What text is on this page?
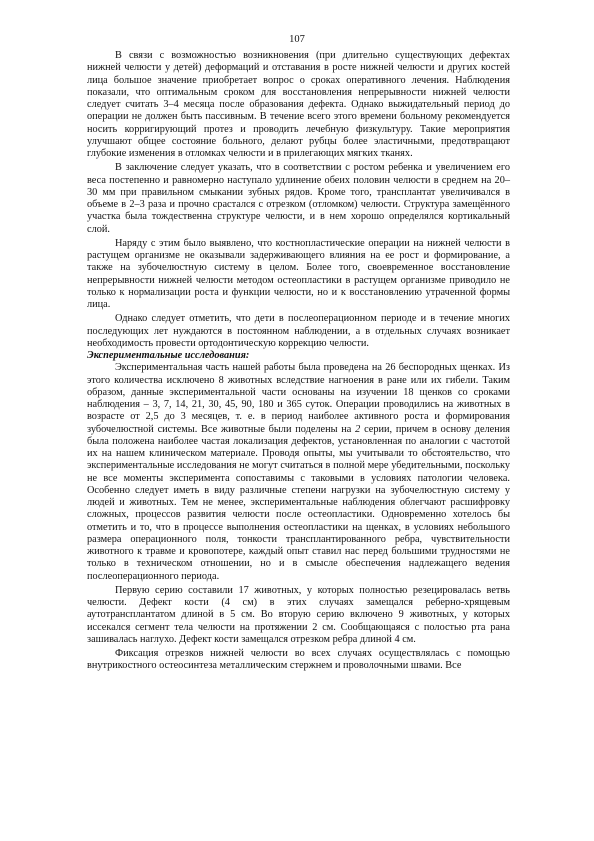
107

В связи с возможностью возникновения (при длительно существующих дефектах нижней челюсти у детей) деформаций и отставания в росте нижней челюсти и других костей лица большое значение приобретает вопрос о сроках оперативного лечения. Наблюдения показали, что оптимальным сроком для восстановления непрерывности нижней челюсти следует считать 3–4 месяца после образования дефекта. Однако выжидательный период до операции не должен быть пассивным. В течение всего этого времени больному рекомендуется носить корригирующий протез и проводить лечебную физкультуру. Такие мероприятия улучшают общее состояние больного, делают рубцы более эластичными, предотвращают глубокие изменения в отломках челюсти и в прилегающих мягких тканях.

В заключение следует указать, что в соответствии с ростом ребенка и увеличением его веса постепенно и равномерно наступало удлинение обеих половин челюсти в среднем на 20–30 мм при правильном смыкании зубных рядов. Кроме того, трансплантат увеличивался в объеме в 2–3 раза и прочно срастался с отрезком (отломком) челюсти. Структура замещённого участка была тождественна структуре челюсти, и в нем хорошо определялся кортикальный слой.

Наряду с этим было выявлено, что костнопластические операции на нижней челюсти в растущем организме не оказывали задерживающего влияния на ее рост и формирование, а также на зубочелюстную систему в целом. Более того, своевременное восстановление непрерывности нижней челюсти методом остеопластики в растущем организме приводило не только к нормализации роста и функции челюсти, но и к восстановлению утраченной формы лица.

Однако следует отметить, что дети в послеоперационном периоде и в течение многих последующих лет нуждаются в постоянном наблюдении, а в отдельных случаях возникает необходимость провести ортодонтическую коррекцию челюсти.

Экспериментальные исследования:

Экспериментальная часть нашей работы была проведена на 26 беспородных щенках. Из этого количества исключено 8 животных вследствие нагноения в ране или их гибели. Таким образом, данные экспериментальной части основаны на изучении 18 щенков со сроками наблюдения – 3, 7, 14, 21, 30, 45, 90, 180 и 365 суток. Операции проводились на животных в возрасте от 2,5 до 3 месяцев, т. е. в период наиболее активного роста и формирования зубочелюстной системы. Все животные были поделены на 2 серии, причем в основу деления была положена наиболее частая локализация дефектов, установленная по аналогии с частотой их на нашем клиническом материале. Проводя опыты, мы учитывали то обстоятельство, что экспериментальные исследования не могут считаться в полной мере убедительными, поскольку не все моменты эксперимента сопоставимы с таковыми в условиях патологии человека. Особенно следует иметь в виду различные степени нагрузки на зубочелюстную систему у людей и животных. Тем не менее, экспериментальные наблюдения облегчают расшифровку сложных, процессов развития челюсти после остеопластики. Одновременно хотелось бы отметить и то, что в процессе выполнения остеопластики на щенках, в условиях небольшого размера операционного поля, тонкости трансплантированного ребра, чувствительности животного к травме и кровопотере, каждый опыт ставил нас перед большими трудностями не только в техническом отношении, но и в смысле обеспечения надлежащего ведения послеоперационного периода.

Первую серию составили 17 животных, у которых полностью резецировалась ветвь челюсти. Дефект кости (4 см) в этих случаях замещался реберно-хрящевым аутотрансплантатом длиной в 5 см. Во вторую серию включено 9 животных, у которых иссекался сегмент тела челюсти на протяжении 2 см. Сообщающаяся с полостью рта рана зашивалась наглухо. Дефект кости замещался отрезком ребра длиной 4 см.

Фиксация отрезков нижней челюсти во всех случаях осуществлялась с помощью внутрикостного остеосинтеза металлическим стержнем и проволочными швами. Все
